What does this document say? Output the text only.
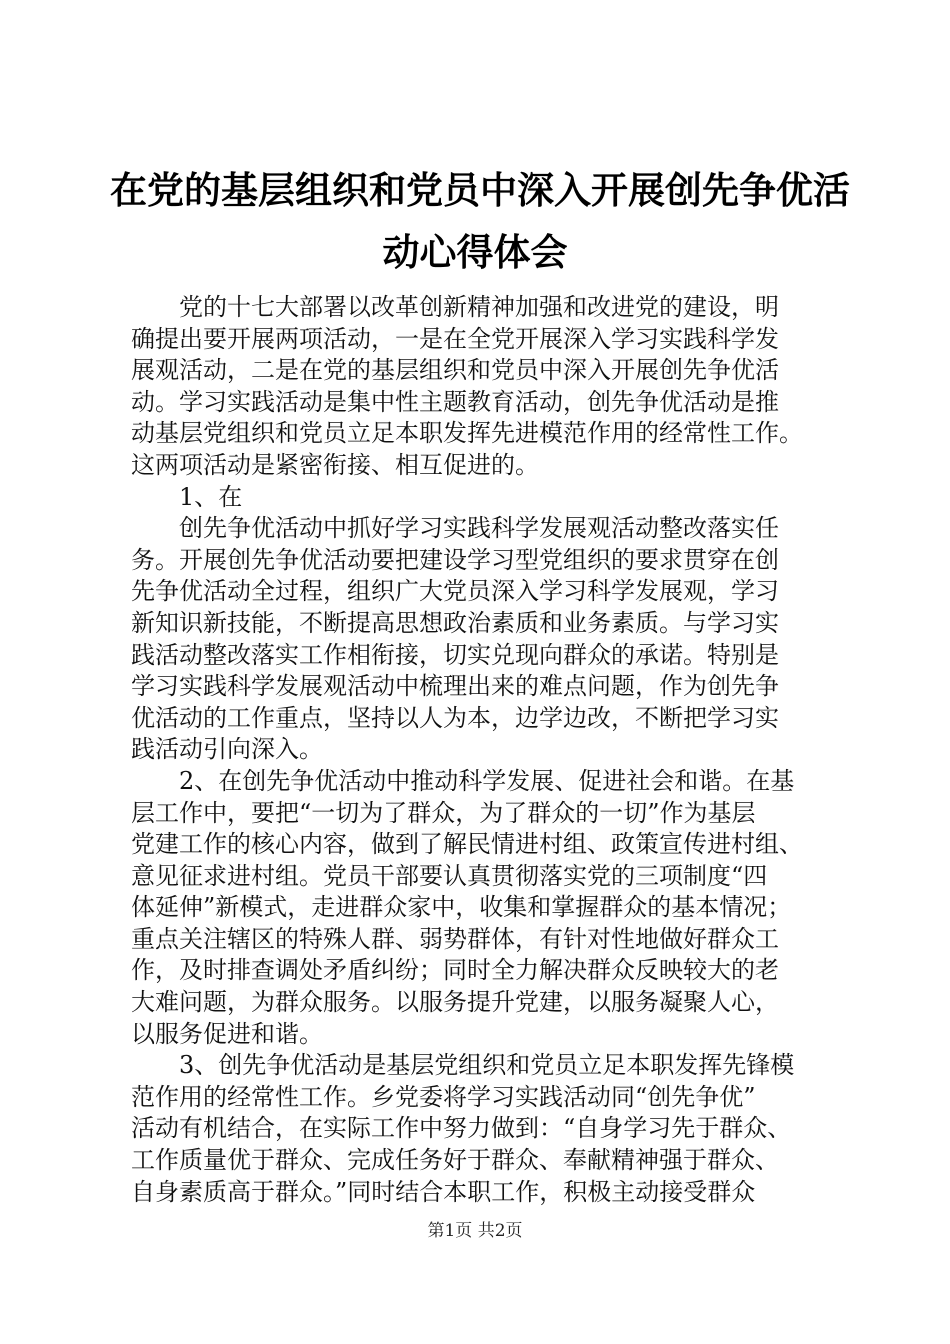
在党的基层组织和党员中深入开展创先争优活
动心得体会
党的十七大部署以改革创新精神加强和改进党的建设，明
确提出要开展两项活动，一是在全党开展深入学习实践科学发
展观活动，二是在党的基层组织和党员中深入开展创先争优活
动。学习实践活动是集中性主题教育活动，创先争优活动是推
动基层党组织和党员立足本职发挥先进模范作用的经常性工作。
这两项活动是紧密衔接、相互促进的。
1、在
创先争优活动中抓好学习实践科学发展观活动整改落实任
务。开展创先争优活动要把建设学习型党组织的要求贯穿在创
先争优活动全过程，组织广大党员深入学习科学发展观，学习
新知识新技能，不断提高思想政治素质和业务素质。与学习实
践活动整改落实工作相衔接，切实兑现向群众的承诺。特别是
学习实践科学发展观活动中梳理出来的难点问题，作为创先争
优活动的工作重点，坚持以人为本，边学边改，不断把学习实
践活动引向深入。
2、在创先争优活动中推动科学发展、促进社会和谐。在基
层工作中，要把“一切为了群众，为了群众的一切”作为基层
党建工作的核心内容，做到了解民情进村组、政策宣传进村组、
意见征求进村组。党员干部要认真贯彻落实党的三项制度“四
体延伸”新模式，走进群众家中，收集和掌握群众的基本情况；
重点关注辖区的特殊人群、弱势群体，有针对性地做好群众工
作，及时排查调处矛盾纠纷；同时全力解决群众反映较大的老
大难问题，为群众服务。以服务提升党建，以服务凝聚人心，
以服务促进和谐。
3、创先争优活动是基层党组织和党员立足本职发挥先锋模
范作用的经常性工作。乡党委将学习实践活动同“创先争优”
活动有机结合，在实际工作中努力做到：“自身学习先于群众、
工作质量优于群众、完成任务好于群众、奉献精神强于群众、
自身素质高于群众。”同时结合本职工作，积极主动接受群众
第1页 共2页
